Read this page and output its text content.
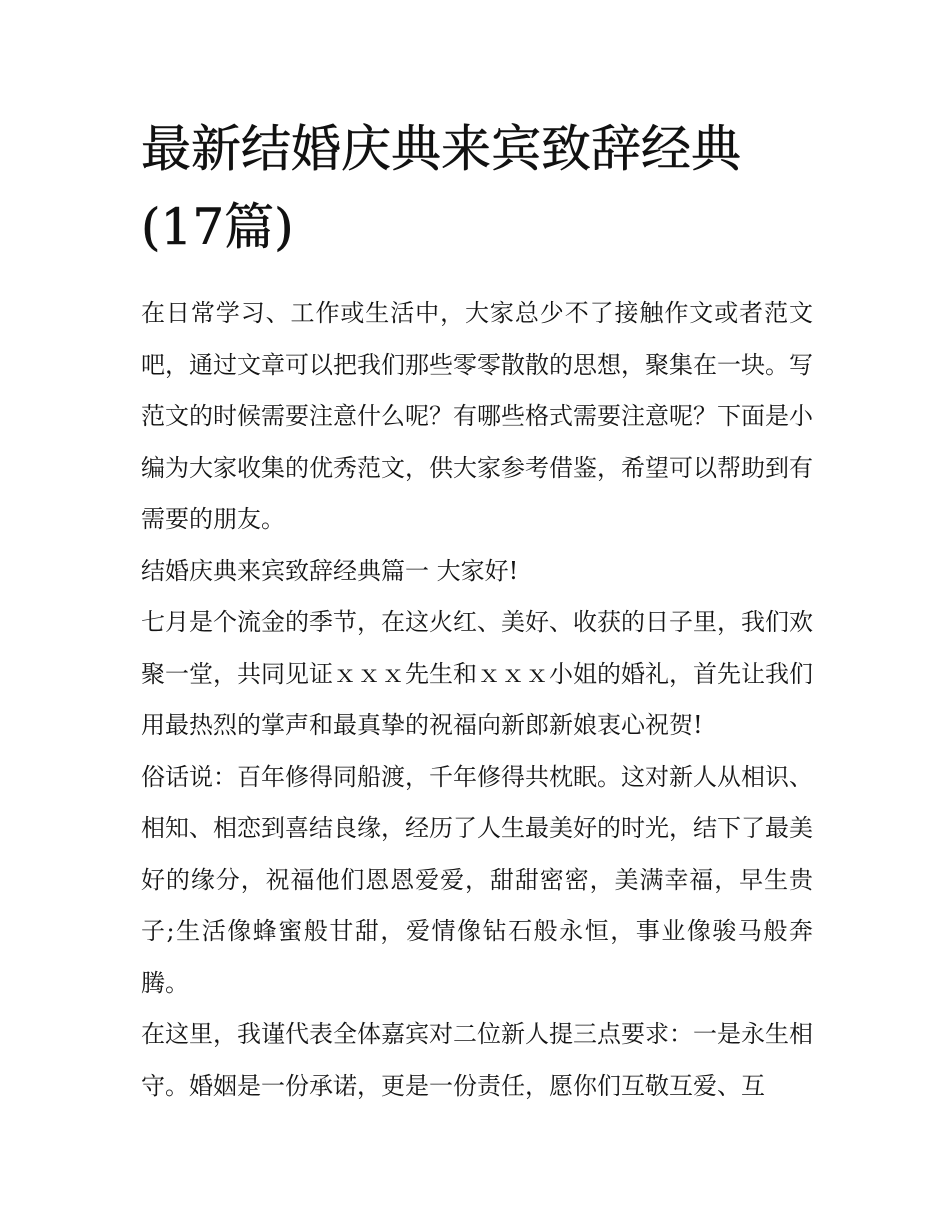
最新结婚庆典来宾致辞经典(17篇)

在日常学习、工作或生活中，大家总少不了接触作文或者范文吧，通过文章可以把我们那些零零散散的思想，聚集在一块。写范文的时候需要注意什么呢？有哪些格式需要注意呢？下面是小编为大家收集的优秀范文，供大家参考借鉴，希望可以帮助到有需要的朋友。

结婚庆典来宾致辞经典篇一 大家好!

七月是个流金的季节，在这火红、美好、收获的日子里，我们欢聚一堂，共同见证ｘｘｘ先生和ｘｘｘ小姐的婚礼，首先让我们用最热烈的掌声和最真挚的祝福向新郎新娘衷心祝贺!

俗话说：百年修得同船渡，千年修得共枕眠。这对新人从相识、相知、相恋到喜结良缘，经历了人生最美好的时光，结下了最美好的缘分，祝福他们恩恩爱爱，甜甜密密，美满幸福，早生贵子;生活像蜂蜜般甘甜，爱情像钻石般永恒，事业像骏马般奔腾。

在这里，我谨代表全体嘉宾对二位新人提三点要求：一是永生相守。婚姻是一份承诺，更是一份责任，愿你们互敬互爱、互
